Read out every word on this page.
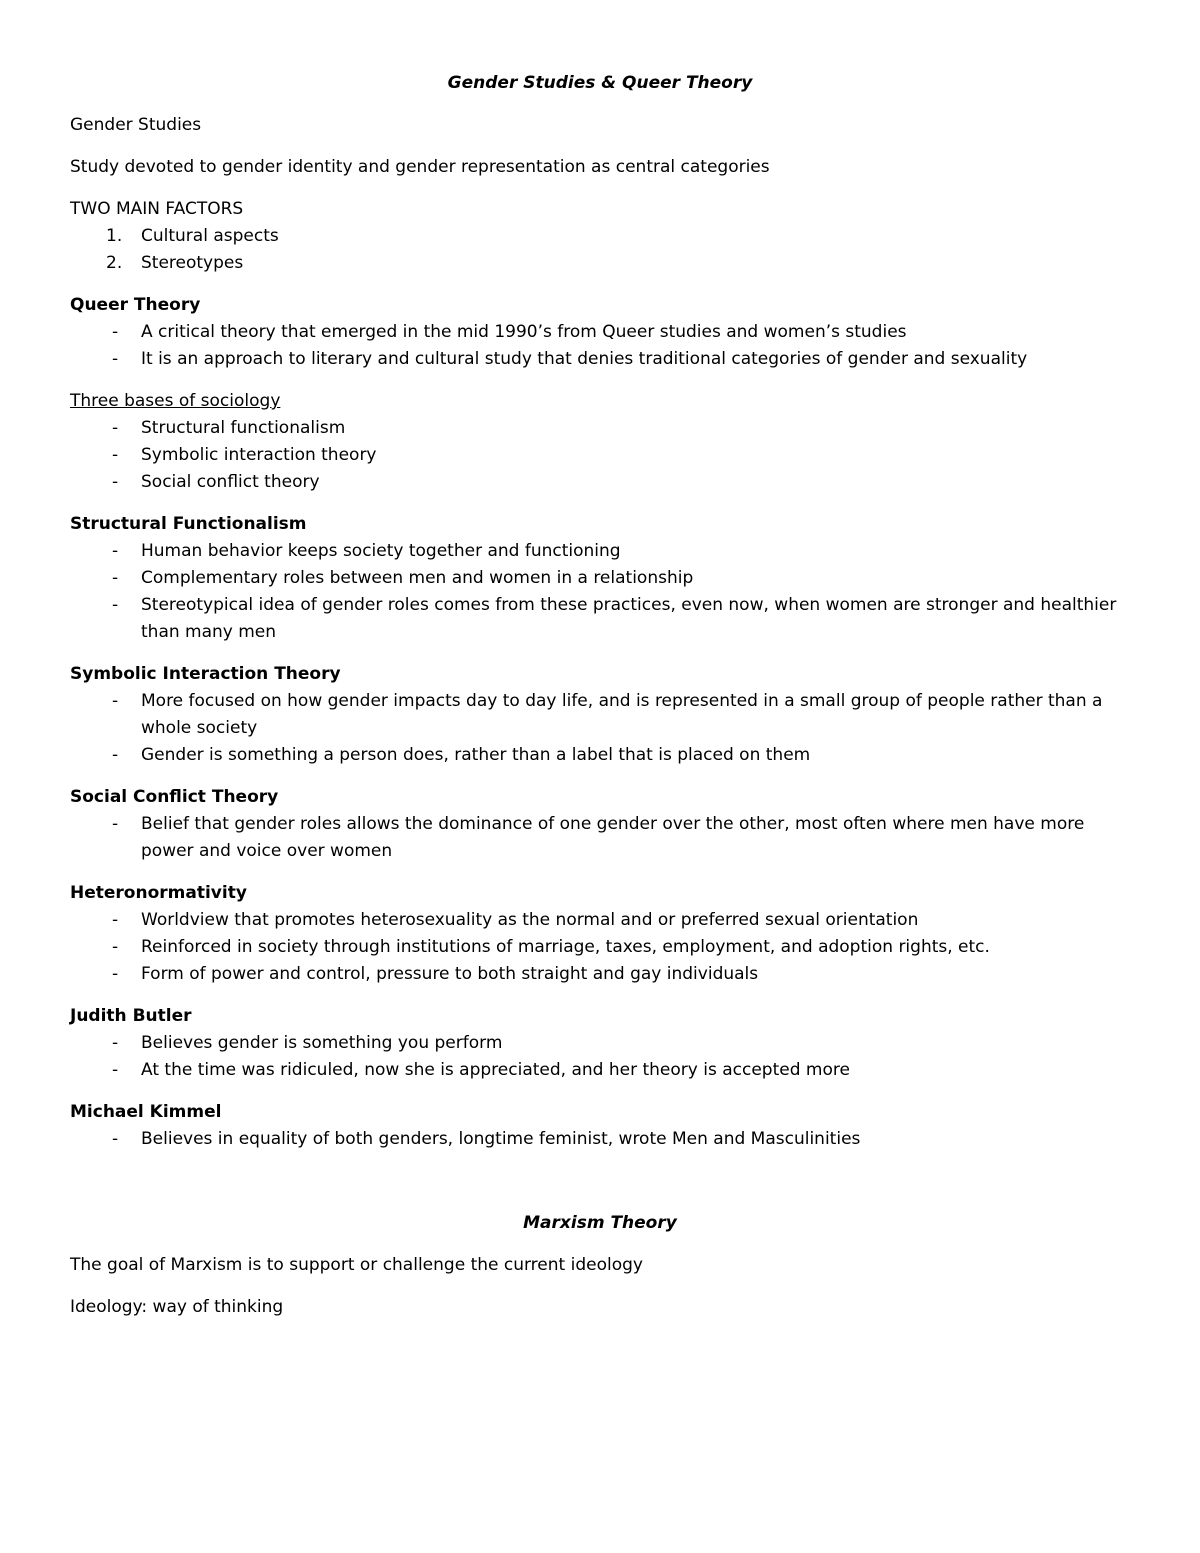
Gender Studies & Queer Theory

Gender Studies

Study devoted to gender identity and gender representation as central categories

TWO MAIN FACTORS

1. Cultural aspects
2. Stereotypes

Queer Theory

- A critical theory that emerged in the mid 1990’s from Queer studies and women’s studies
- It is an approach to literary and cultural study that denies traditional categories of gender and sexuality

Three bases of sociology

- Structural functionalism
- Symbolic interaction theory
- Social conflict theory

Structural Functionalism

- Human behavior keeps society together and functioning
- Complementary roles between men and women in a relationship
- Stereotypical idea of gender roles comes from these practices, even now, when women are stronger and healthier than many men

Symbolic Interaction Theory

- More focused on how gender impacts day to day life, and is represented in a small group of people rather than a whole society
- Gender is something a person does, rather than a label that is placed on them

Social Conflict Theory

- Belief that gender roles allows the dominance of one gender over the other, most often where men have more power and voice over women

Heteronormativity

- Worldview that promotes heterosexuality as the normal and or preferred sexual orientation
- Reinforced in society through institutions of marriage, taxes, employment, and adoption rights, etc.
- Form of power and control, pressure to both straight and gay individuals

Judith Butler

- Believes gender is something you perform
- At the time was ridiculed, now she is appreciated, and her theory is accepted more

Michael Kimmel

- Believes in equality of both genders, longtime feminist, wrote Men and Masculinities

Marxism Theory

The goal of Marxism is to support or challenge the current ideology

Ideology: way of thinking
